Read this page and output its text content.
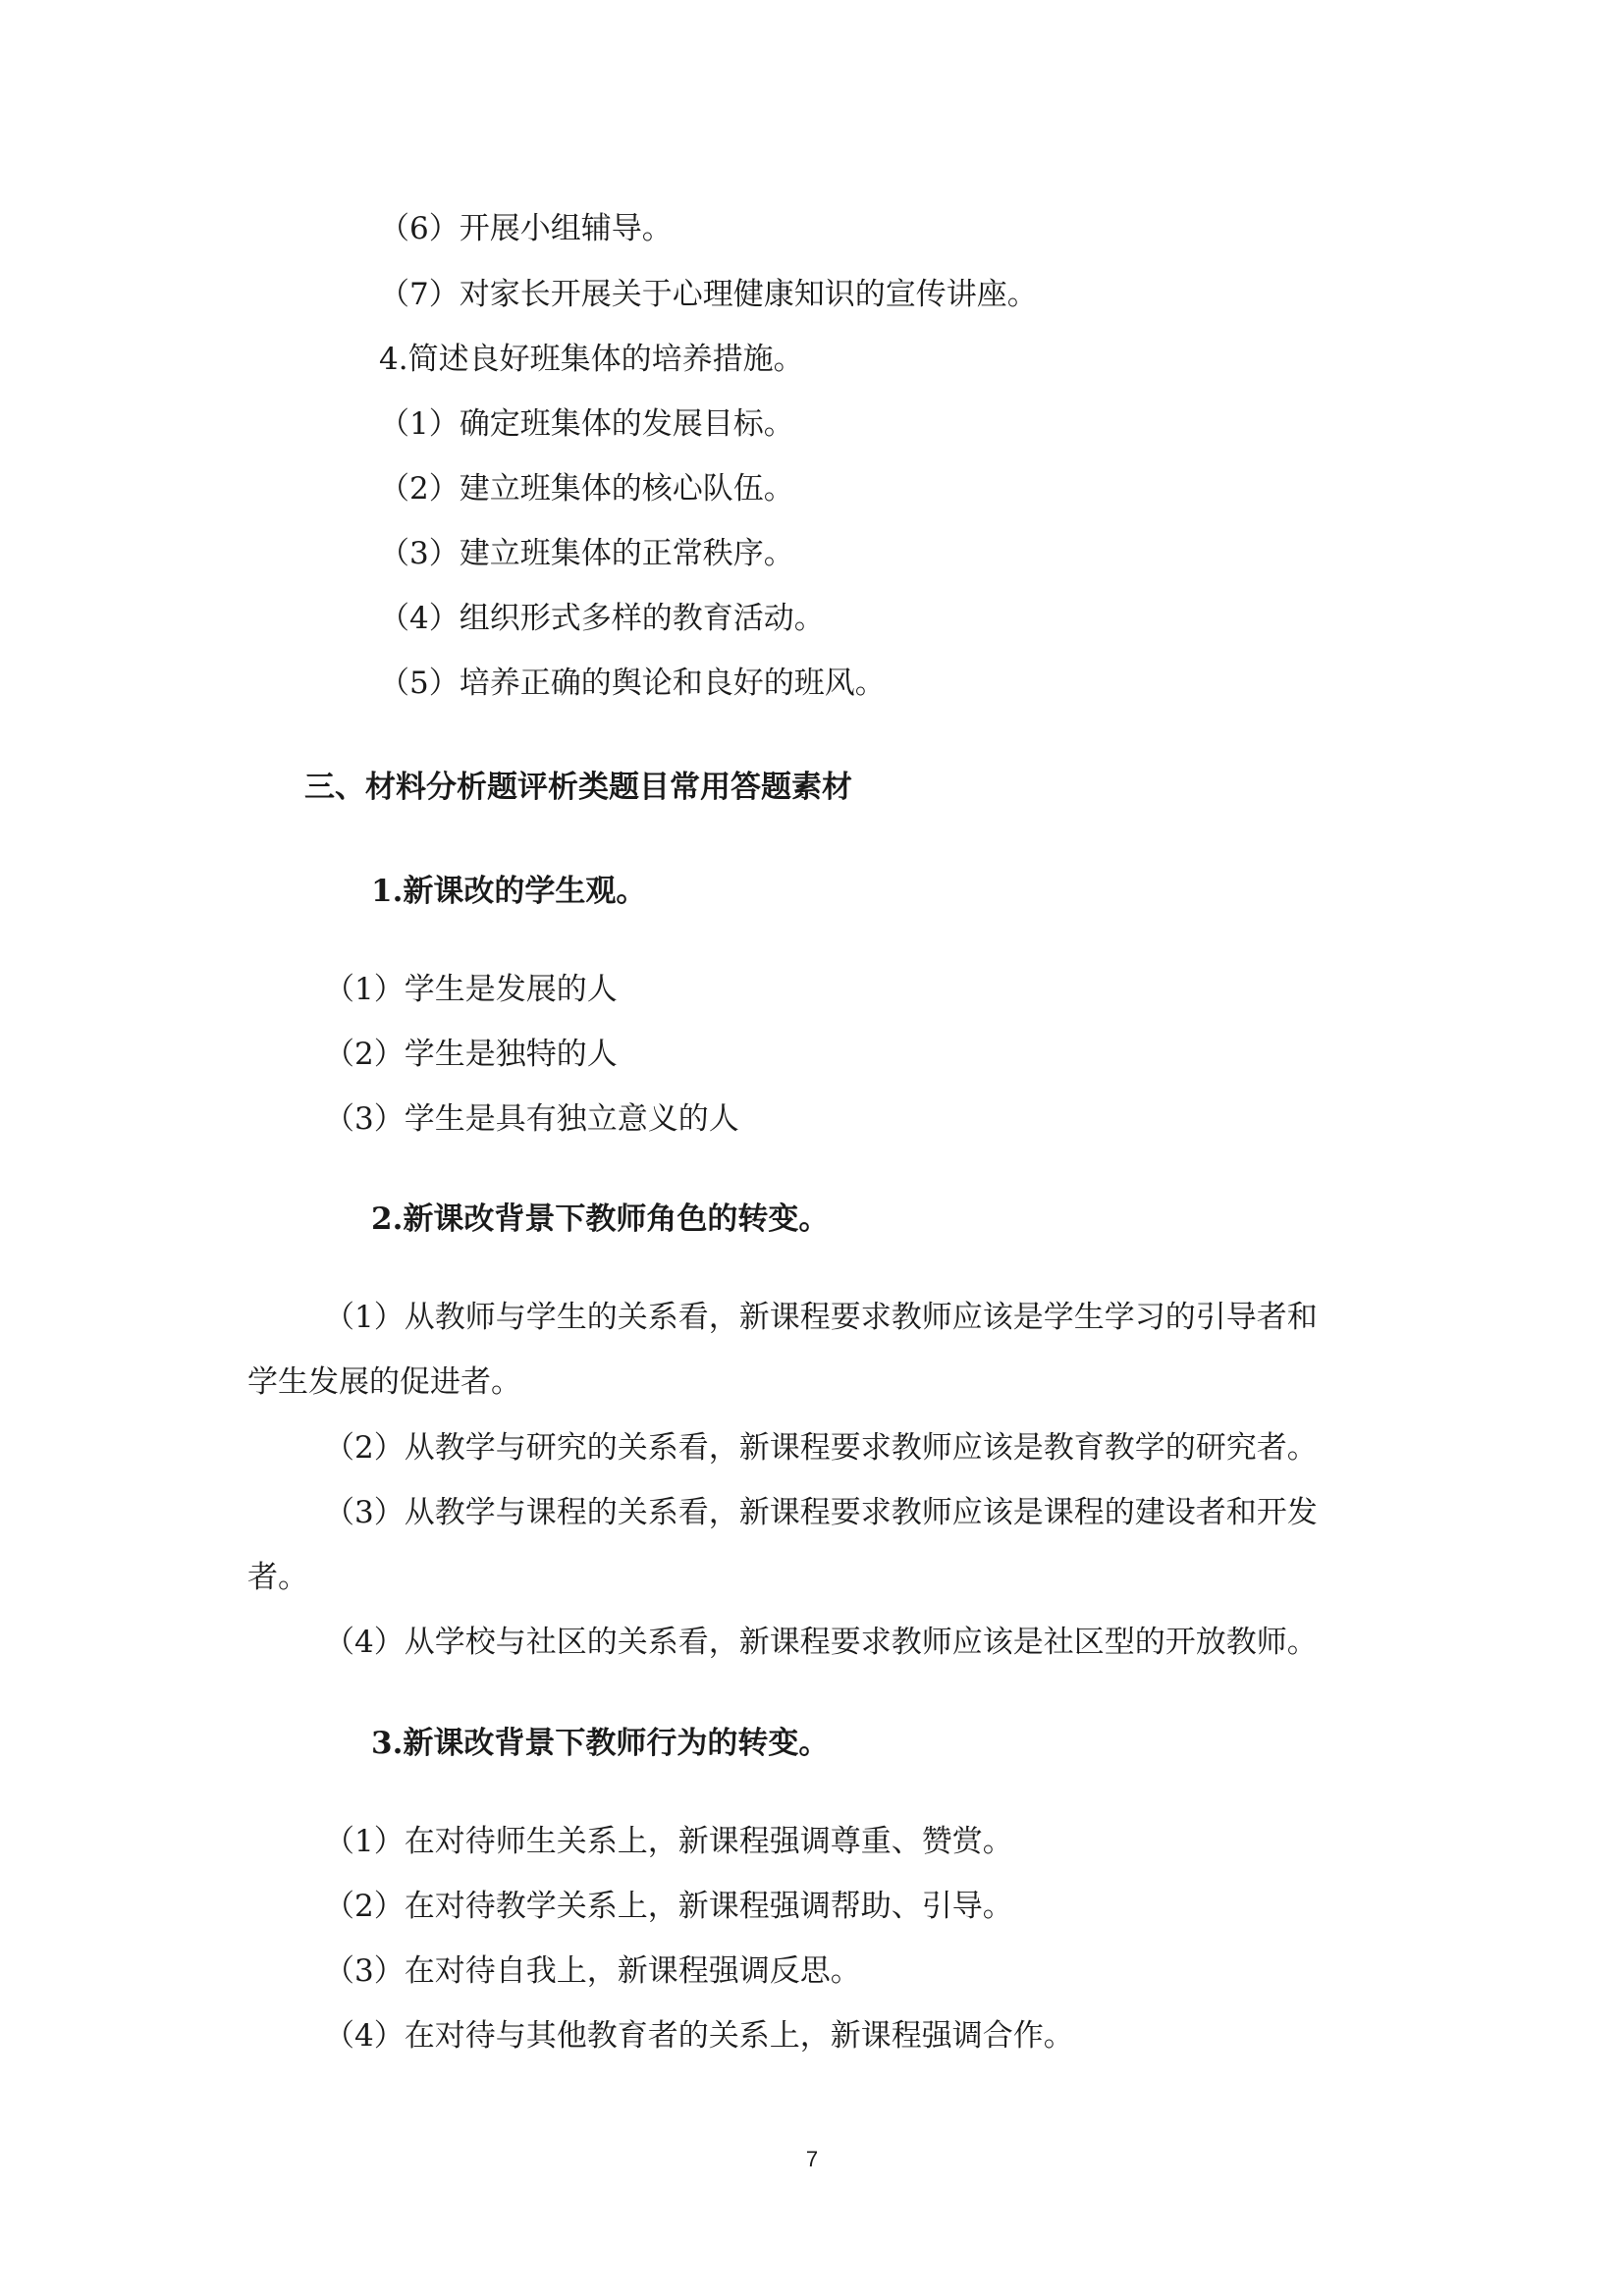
（6）开展小组辅导。

（7）对家长开展关于心理健康知识的宣传讲座。

4.简述良好班集体的培养措施。

（1）确定班集体的发展目标。

（2）建立班集体的核心队伍。

（3）建立班集体的正常秩序。

（4）组织形式多样的教育活动。

（5）培养正确的舆论和良好的班风。

三、材料分析题评析类题目常用答题素材

1.新课改的学生观。

（1）学生是发展的人

（2）学生是独特的人

（3）学生是具有独立意义的人

2.新课改背景下教师角色的转变。

（1）从教师与学生的关系看，新课程要求教师应该是学生学习的引导者和

学生发展的促进者。

（2）从教学与研究的关系看，新课程要求教师应该是教育教学的研究者。

（3）从教学与课程的关系看，新课程要求教师应该是课程的建设者和开发

者。

（4）从学校与社区的关系看，新课程要求教师应该是社区型的开放教师。

3.新课改背景下教师行为的转变。

（1）在对待师生关系上，新课程强调尊重、赞赏。

（2）在对待教学关系上，新课程强调帮助、引导。

（3）在对待自我上，新课程强调反思。

（4）在对待与其他教育者的关系上，新课程强调合作。

7
